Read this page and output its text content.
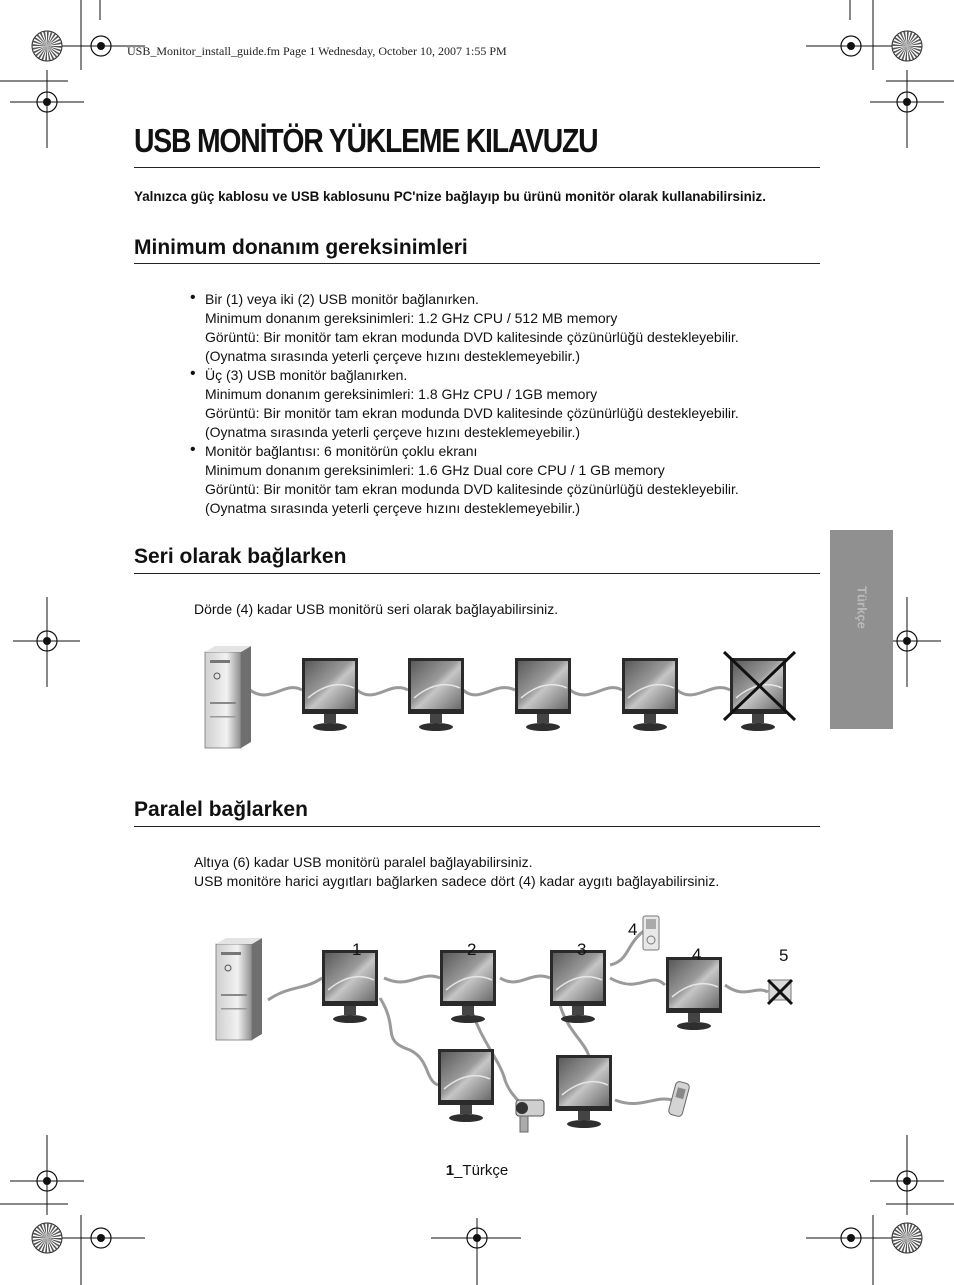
USB_Monitor_install_guide.fm Page 1 Wednesday, October 10, 2007 1:55 PM
USB MONİTÖR YÜKLEME KILAVUZU
Yalnızca güç kablosu ve USB kablosunu PC'nize bağlayıp bu ürünü monitör olarak kullanabilirsiniz.
Minimum donanım gereksinimleri
• Bir (1) veya iki (2) USB monitör bağlanırken.
Minimum donanım gereksinimleri: 1.2 GHz CPU / 512 MB memory
Görüntü: Bir monitör tam ekran modunda DVD kalitesinde çözünürlüğü destekleyebilir.
(Oynatma sırasında yeterli çerçeve hızını desteklemeyebilir.)
• Üç (3) USB monitör bağlanırken.
Minimum donanım gereksinimleri: 1.8 GHz CPU / 1GB memory
Görüntü: Bir monitör tam ekran modunda DVD kalitesinde çözünürlüğü destekleyebilir.
(Oynatma sırasında yeterli çerçeve hızını desteklemeyebilir.)
• Monitör bağlantısı: 6 monitörün çoklu ekranı
Minimum donanım gereksinimleri: 1.6 GHz Dual core CPU / 1 GB memory
Görüntü: Bir monitör tam ekran modunda DVD kalitesinde çözünürlüğü destekleyebilir.
(Oynatma sırasında yeterli çerçeve hızını desteklemeyebilir.)
Seri olarak bağlarken
Dörde (4) kadar USB monitörü seri olarak bağlayabilirsiniz.
Paralel bağlarken
Altıya (6) kadar USB monitörü paralel bağlayabilirsiniz.
USB monitöre harici aygıtları bağlarken sadece dört (4) kadar aygıtı bağlayabilirsiniz.
1	2	3
4
4	5
Türkçe
1_Türkçe
